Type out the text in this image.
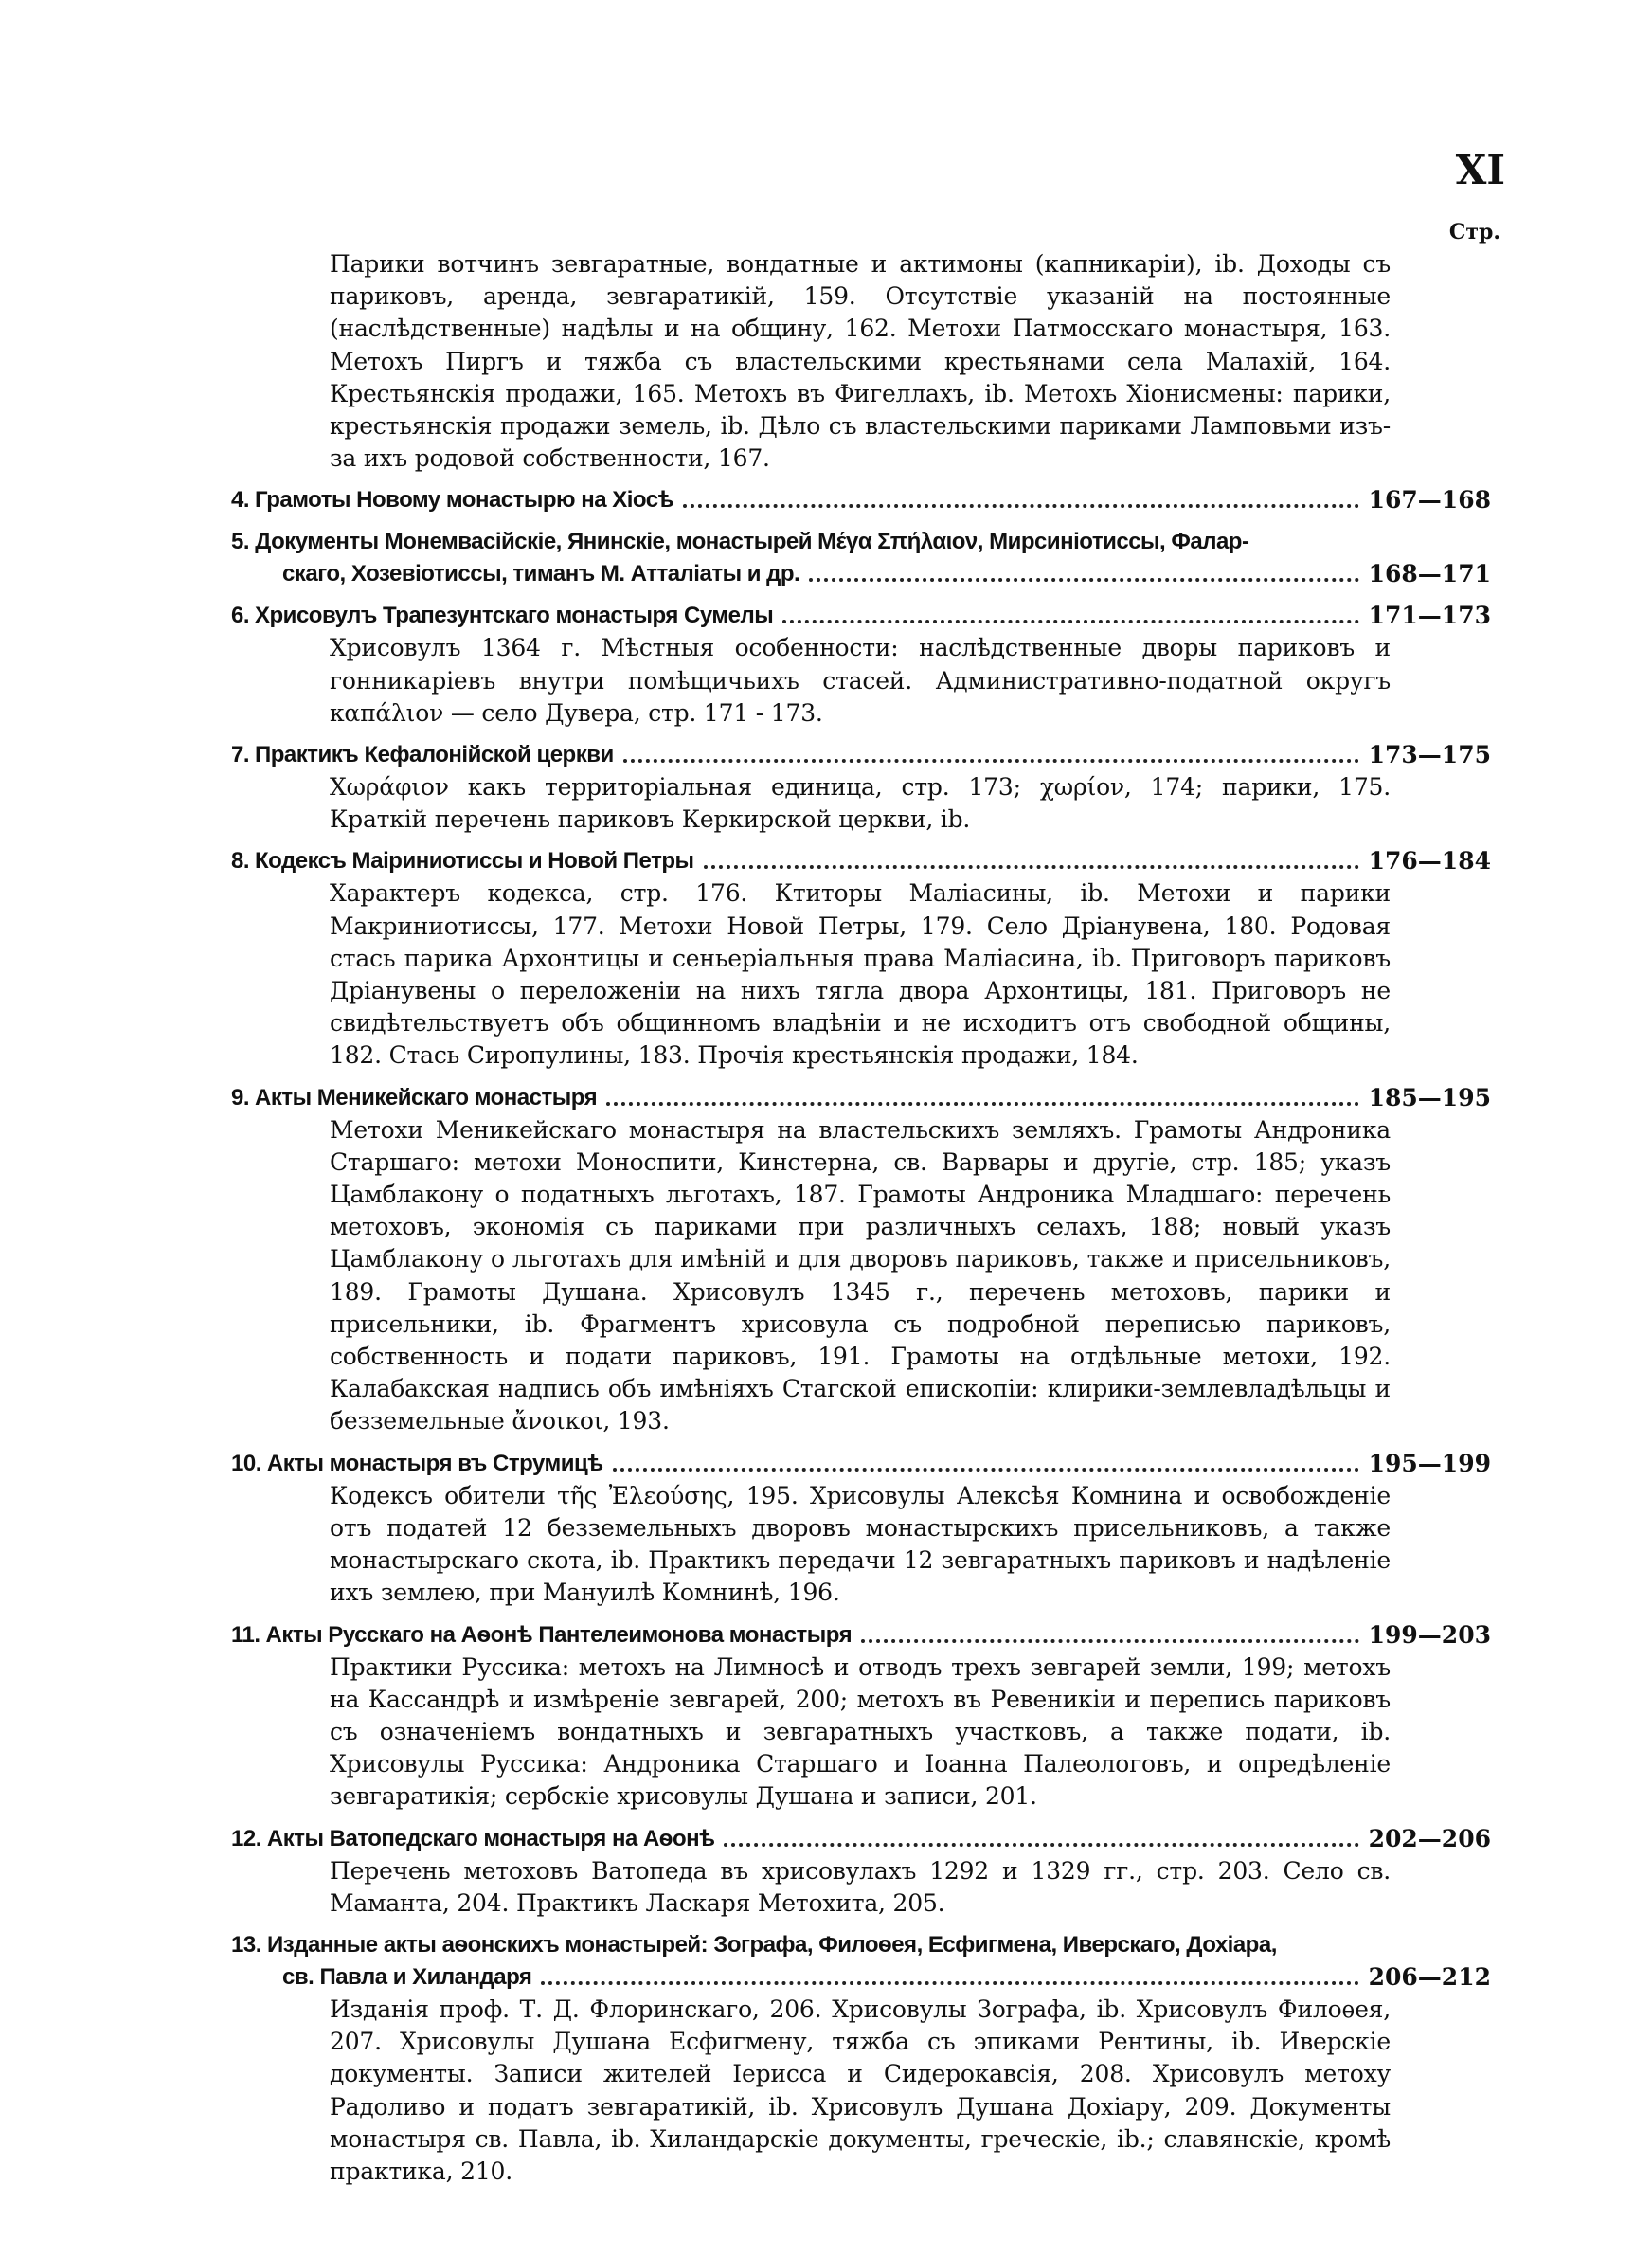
XI
Стр.
Парики вотчинъ зевгаратные, вондатные и актимоны (капникаріи), ib. Доходы съ париковъ, аренда, зевгаратикій, 159. Отсутствіе указаній на постоянные (наслѣдственные) надѣлы и на общину, 162. Метохи Патмосскаго монастыря, 163. Метохъ Пиргъ и тяжба съ властельскими крестьянами села Малахій, 164. Крестьянскія продажи, 165. Метохъ въ Фигеллахъ, ib. Метохъ Хіонисмены: парики, крестьянскія продажи земель, ib. Дѣло съ властельскими париками Ламповьми изъ-за ихъ родовой собственности, 167.
4. Грамоты Новому монастырю на Хіосѣ	167—168
5. Документы Монемвасійскіе, Янинскіе, монастырей Μέγα Σπήλαιον, Мирсиніотиссы, Фалар-
скаго, Хозевіотиссы, тиманъ М. Атталіаты и др.	168—171
6. Хрисовулъ Трапезунтскаго монастыря Сумелы	171—173
Хрисовулъ 1364 г. Мѣстныя особенности: наслѣдственные дворы париковъ и гонникаріевъ внутри помѣщичьихъ стасей. Административно-податной округъ καπάλιον — село Дувера, стр. 171 - 173.
7. Практикъ Кефалонійской церкви	173—175
Χωράφιον какъ территоріальная единица, стр. 173; χωρίον, 174; парики, 175. Краткій перечень париковъ Керкирской церкви, ib.
8. Кодексъ Маіриниотиссы и Новой Петры	176—184
Характеръ кодекса, стр. 176. Ктиторы Маліасины, ib. Метохи и парики Макриниотиссы, 177. Метохи Новой Петры, 179. Село Дріанувена, 180. Родовая стась парика Архонтицы и сеньеріальныя права Маліасина, ib. Приговоръ париковъ Дріанувены о переложеніи на нихъ тягла двора Архонтицы, 181. Приговоръ не свидѣтельствуетъ объ общинномъ владѣніи и не исходитъ отъ свободной общины, 182. Стась Сиропулины, 183. Прочія крестьянскія продажи, 184.
9. Акты Меникейскаго монастыря	185—195
Метохи Меникейскаго монастыря на властельскихъ земляхъ. Грамоты Андроника Старшаго: метохи Моноспити, Кинстерна, св. Варвары и другіе, стр. 185; указъ Цамблакону о податныхъ льготахъ, 187. Грамоты Андроника Младшаго: перечень метоховъ, экономія съ париками при различныхъ селахъ, 188; новый указъ Цамблакону о льготахъ для имѣній и для дворовъ париковъ, также и присельниковъ, 189. Грамоты Душана. Хрисовулъ 1345 г., перечень метоховъ, парики и присельники, ib. Фрагментъ хрисовула съ подробной переписью париковъ, собственность и подати париковъ, 191. Грамоты на отдѣльные метохи, 192. Калабакская надпись объ имѣніяхъ Стагской епископіи: клирики-землевладѣльцы и безземельные ἄνοικοι, 193.
10. Акты монастыря въ Струмицѣ	195—199
Кодексъ обители τῆς Ἐλεούσης, 195. Хрисовулы Алексѣя Комнина и освобожденіе отъ податей 12 безземельныхъ дворовъ монастырскихъ присельниковъ, а также монастырскаго скота, ib. Практикъ передачи 12 зевгаратныхъ париковъ и надѣленіе ихъ землею, при Мануилѣ Комнинѣ, 196.
11. Акты Русскаго на Аѳонѣ Пантелеимонова монастыря	199—203
Практики Руссика: метохъ на Лимносѣ и отводъ трехъ зевгарей земли, 199; метохъ на Кассандрѣ и измѣреніе зевгарей, 200; метохъ въ Ревеникіи и перепись париковъ съ означеніемъ вондатныхъ и зевгаратныхъ участковъ, а также подати, ib. Хрисовулы Руссика: Андроника Старшаго и Іоанна Палеологовъ, и опредѣленіе зевгаратикія; сербскіе хрисовулы Душана и записи, 201.
12. Акты Ватопедскаго монастыря на Аѳонѣ	202—206
Перечень метоховъ Ватопеда въ хрисовулахъ 1292 и 1329 гг., стр. 203. Село св. Маманта, 204. Практикъ Ласкаря Метохита, 205.
13. Изданные акты аѳонскихъ монастырей: Зографа, Филоѳея, Есфигмена, Иверскаго, Дохіара,
св. Павла и Хиландаря	206—212
Изданія проф. Т. Д. Флоринскаго, 206. Хрисовулы Зографа, ib. Хрисовулъ Филоѳея, 207. Хрисовулы Душана Есфигмену, тяжба съ эпиками Рентины, ib. Иверскіе документы. Записи жителей Іерисса и Сидерокавсія, 208. Хрисовулъ метоху Радоливо и податъ зевгаратикій, ib. Хрисовулъ Душана Дохіару, 209. Документы монастыря св. Павла, ib. Хиландарскіе документы, греческіе, ib.; славянскіе, кромѣ практика, 210.
